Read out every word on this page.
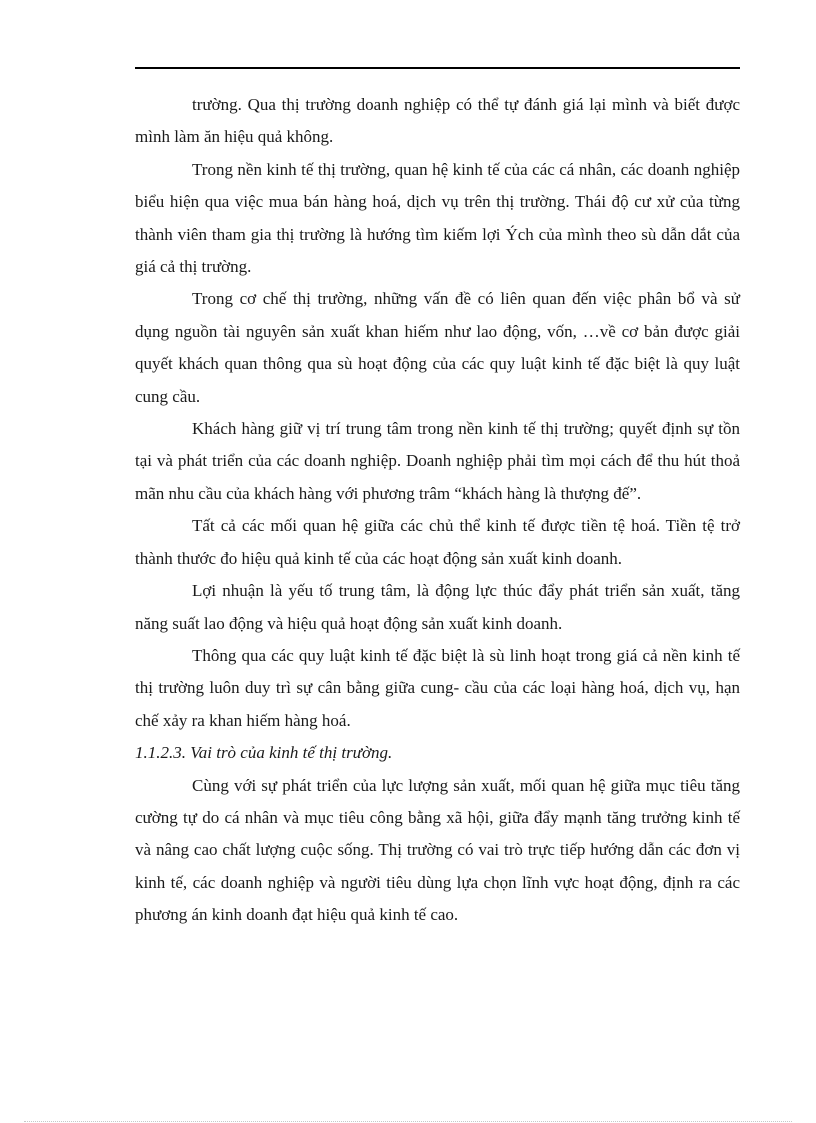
trường. Qua thị trường doanh nghiệp có thể tự đánh giá lại mình và biết được mình làm ăn hiệu quả không.

Trong nền kinh tế thị trường, quan hệ kinh tế của các cá nhân, các doanh nghiệp biểu hiện qua việc mua bán hàng hoá, dịch vụ trên thị trường. Thái độ cư xử của từng thành viên tham gia thị trường là hướng tìm kiếm lợi Ých của mình theo sù dẫn dắt của giá cả thị trường.

Trong cơ chế thị trường, những vấn đề có liên quan đến việc phân bổ và sử dụng nguồn tài nguyên sản xuất khan hiếm như lao động, vốn, …về cơ bản được giải quyết khách quan thông qua sù hoạt động của các quy luật kinh tế đặc biệt là quy luật cung cầu.

Khách hàng giữ vị trí trung tâm trong nền kinh tế thị trường; quyết định sự tồn tại và phát triển của các doanh nghiệp. Doanh nghiệp phải tìm mọi cách để thu hút thoả mãn nhu cầu của khách hàng với phương trâm “khách hàng là thượng đế”.

Tất cả các mối quan hệ giữa các chủ thể kinh tế được tiền tệ hoá. Tiền tệ trở thành thước đo hiệu quả kinh tế của các hoạt động sản xuất kinh doanh.

Lợi nhuận là yếu tố trung tâm, là động lực thúc đẩy phát triển sản xuất, tăng năng suất lao động và hiệu quả hoạt động sản xuất kinh doanh.

Thông qua các quy luật kinh tế đặc biệt là sù linh hoạt trong giá cả nền kinh tế thị trường luôn duy trì sự cân bằng giữa cung- cầu của các loại hàng hoá, dịch vụ, hạn chế xảy ra khan hiếm hàng hoá.

1.1.2.3. Vai trò của kinh tế thị trường.

Cùng với sự phát triển của lực lượng sản xuất, mối quan hệ giữa mục tiêu tăng cường tự do cá nhân và mục tiêu công bằng xã hội, giữa đẩy mạnh tăng trưởng kinh tế và nâng cao chất lượng cuộc sống. Thị trường có vai trò trực tiếp hướng dẫn các đơn vị kinh tế, các doanh nghiệp và người tiêu dùng lựa chọn lĩnh vực hoạt động, định ra các phương án kinh doanh đạt hiệu quả kinh tế cao.
